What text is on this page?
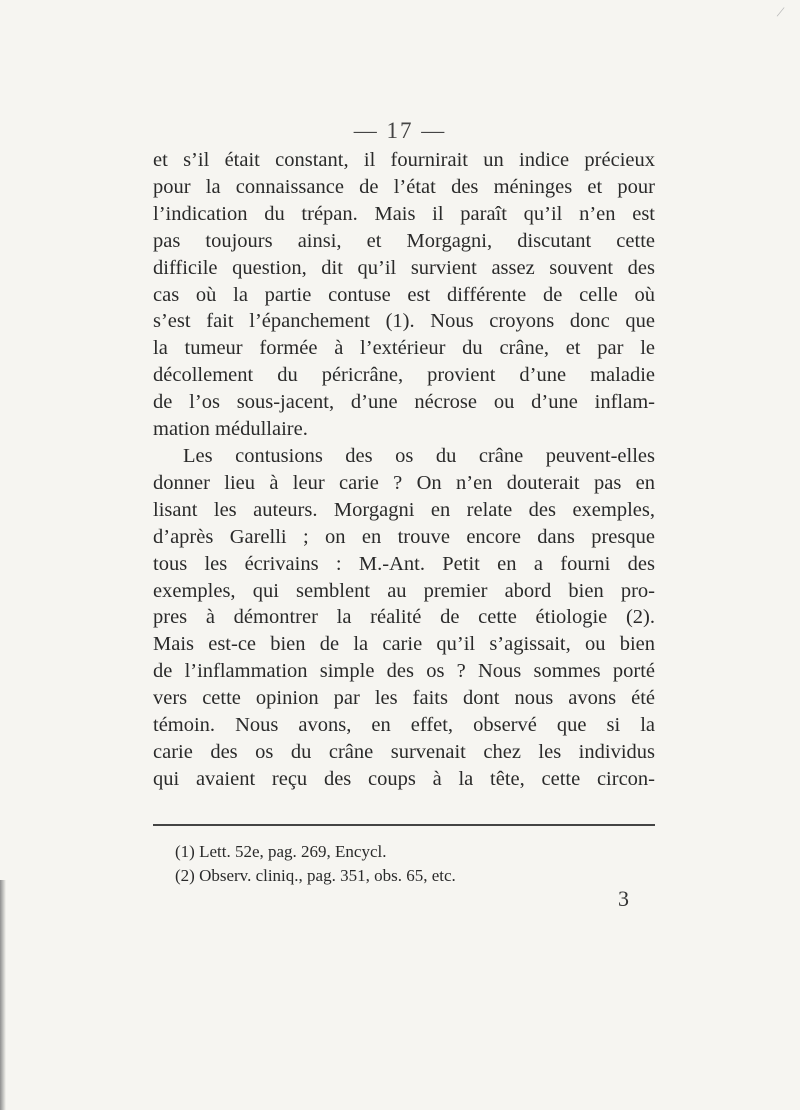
/
— 17 —
et s’il était constant, il fournirait un indice précieux
pour la connaissance de l’état des méninges et pour
l’indication du trépan. Mais il paraît qu’il n’en est
pas toujours ainsi, et Morgagni, discutant cette
difficile question, dit qu’il survient assez souvent des
cas où la partie contuse est différente de celle où
s’est fait l’épanchement (1). Nous croyons donc que
la tumeur formée à l’extérieur du crâne, et par le
décollement du péricrâne, provient d’une maladie
de l’os sous-jacent, d’une nécrose ou d’une inflam-
mation médullaire.
Les contusions des os du crâne peuvent-elles
donner lieu à leur carie ? On n’en douterait pas en
lisant les auteurs. Morgagni en relate des exemples,
d’après Garelli ; on en trouve encore dans presque
tous les écrivains : M.-Ant. Petit en a fourni des
exemples, qui semblent au premier abord bien pro-
pres à démontrer la réalité de cette étiologie (2).
Mais est-ce bien de la carie qu’il s’agissait, ou bien
de l’inflammation simple des os ? Nous sommes porté
vers cette opinion par les faits dont nous avons été
témoin. Nous avons, en effet, observé que si la
carie des os du crâne survenait chez les individus
qui avaient reçu des coups à la tête, cette circon-
(1) Lett. 52e, pag. 269, Encycl.
(2) Observ. cliniq., pag. 351, obs. 65, etc.

3
